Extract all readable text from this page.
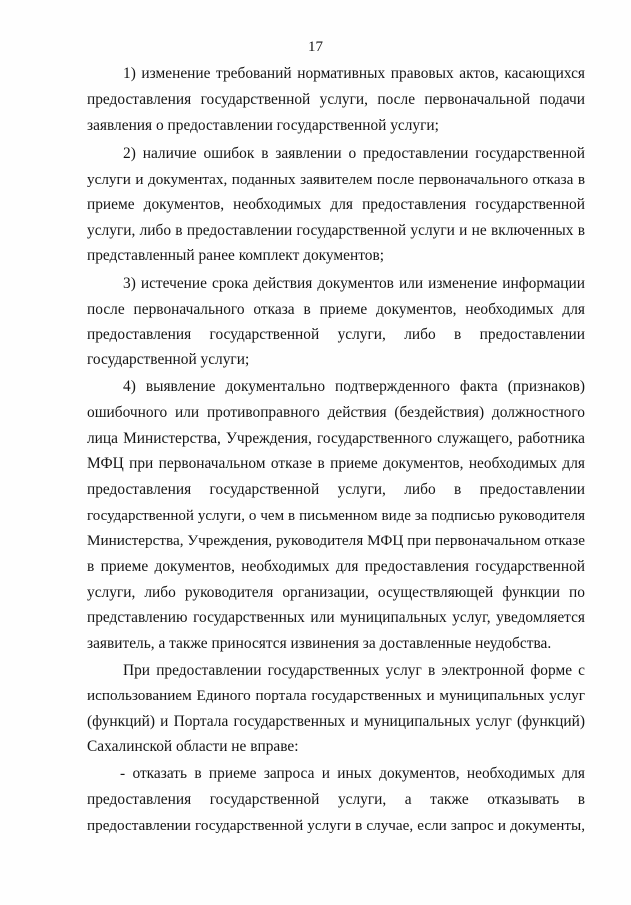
17
1) изменение требований нормативных правовых актов, касающихся
предоставления государственной услуги, после первоначальной подачи
заявления о предоставлении государственной услуги;
2) наличие ошибок в заявлении о предоставлении государственной
услуги и документах, поданных заявителем после первоначального отказа в
приеме документов, необходимых для предоставления государственной
услуги, либо в предоставлении государственной услуги и не включенных в
представленный ранее комплект документов;
3) истечение срока действия документов или изменение информации
после первоначального отказа в приеме документов, необходимых для
предоставления государственной услуги, либо в предоставлении
государственной услуги;
4) выявление документально подтвержденного факта (признаков)
ошибочного или противоправного действия (бездействия) должностного
лица Министерства, Учреждения, государственного служащего, работника
МФЦ при первоначальном отказе в приеме документов, необходимых для
предоставления государственной услуги, либо в предоставлении
государственной услуги, о чем в письменном виде за подписью руководителя
Министерства, Учреждения, руководителя МФЦ при первоначальном отказе
в приеме документов, необходимых для предоставления государственной
услуги, либо руководителя организации, осуществляющей функции по
представлению государственных или муниципальных услуг, уведомляется
заявитель, а также приносятся извинения за доставленные неудобства.
При предоставлении государственных услуг в электронной форме с
использованием Единого портала государственных и муниципальных услуг
(функций) и Портала государственных и муниципальных услуг (функций)
Сахалинской области не вправе:
- отказать в приеме запроса и иных документов, необходимых для
предоставления государственной услуги, а также отказывать в
предоставлении государственной услуги в случае, если запрос и документы,
